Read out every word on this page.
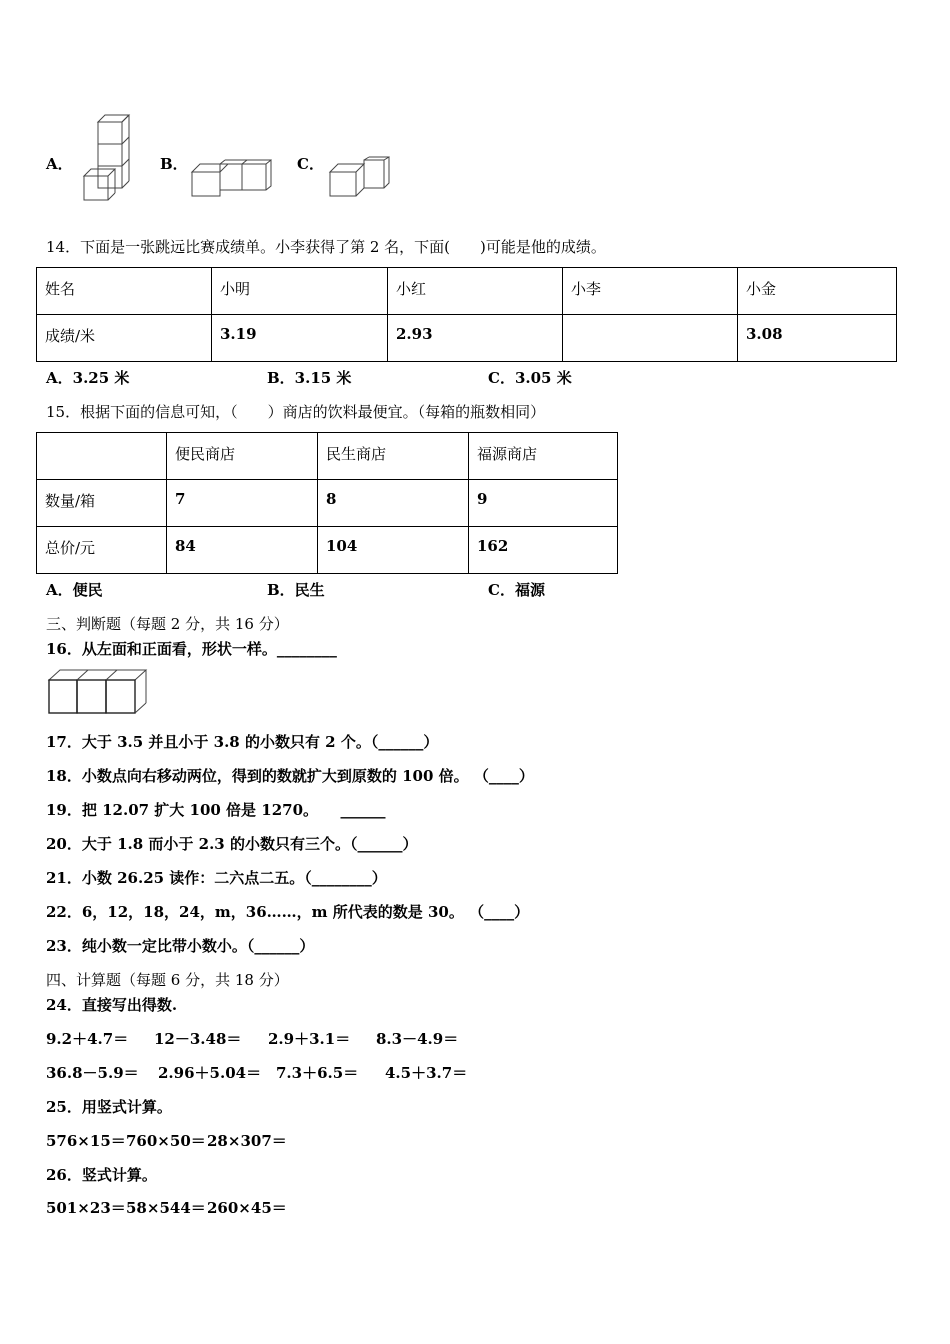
A．	B．	C．
14．下面是一张跳远比赛成绩单。小李获得了第 2 名，下面(　　)可能是他的成绩。
姓名	小明	小红	小李	小金
成绩/米	3.19	2.93		3.08
A．3.25 米	B．3.15 米	C．3.05 米
15．根据下面的信息可知，（　　）商店的饮料最便宜。（每箱的瓶数相同）
	便民商店	民生商店	福源商店
数量/箱	7	8	9
总价/元	84	104	162
A．便民	B．民生	C．福源
三、判断题（每题 2 分，共 16 分）
16．从左面和正面看，形状一样。________
17．大于 3.5 并且小于 3.8 的小数只有 2 个。（______）
18．小数点向右移动两位，得到的数就扩大到原数的 100 倍。 （____）
19．把 12.07 扩大 100 倍是 1270。　　______
20．大于 1.8 而小于 2.3 的小数只有三个。（______）
21．小数 26.25 读作：二六点二五。（________）
22．6，12，18，24，m，36……，m 所代表的数是 30。 （____）
23．纯小数一定比带小数小。（______）
四、计算题（每题 6 分，共 18 分）
24．直接写出得数.
9.2＋4.7＝ 12－3.48＝ 2.9＋3.1＝ 8.3－4.9＝
36.8－5.9＝ 2.96＋5.04＝ 7.3＋6.5＝ 4.5＋3.7＝
25．用竖式计算。
576×15＝ 760×50＝ 28×307＝
26．竖式计算。
501×23＝ 58×544＝ 260×45＝
